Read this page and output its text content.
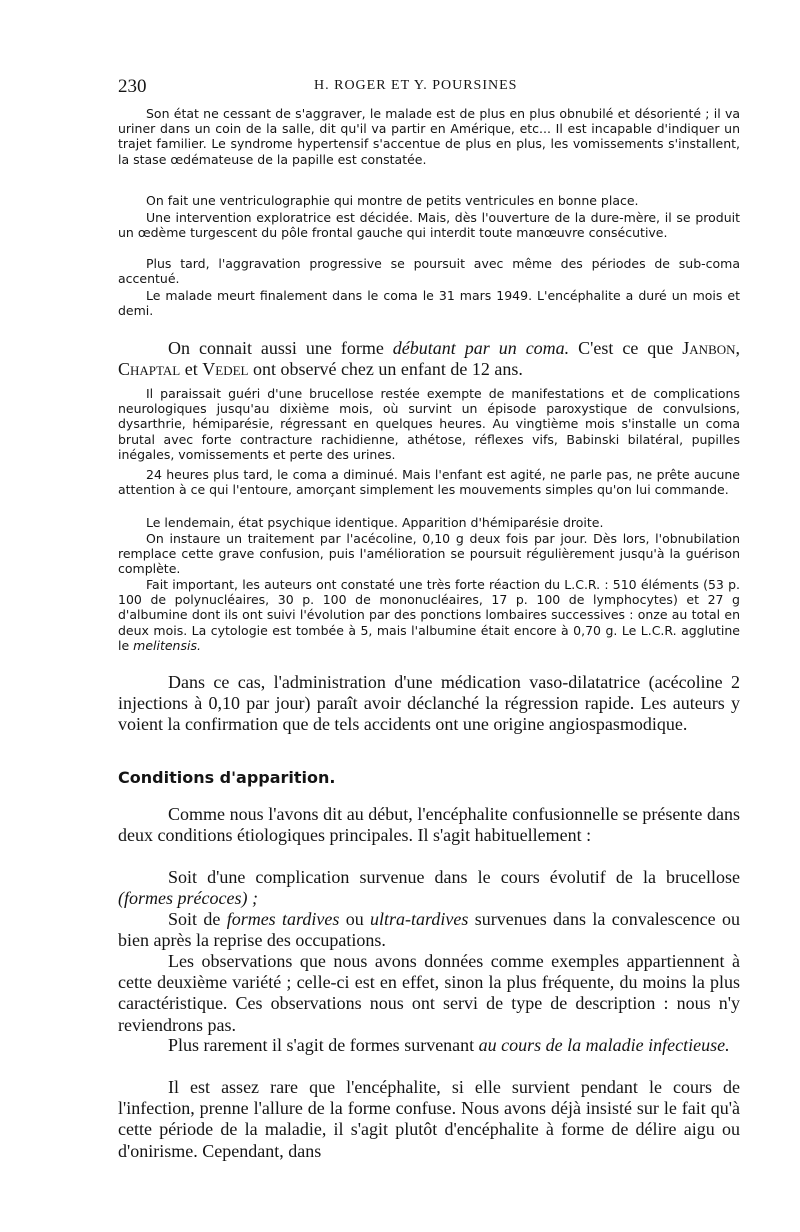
230	H. ROGER ET Y. POURSINES

Son état ne cessant de s'aggraver, le malade est de plus en plus obnubilé et désorienté ; il va uriner dans un coin de la salle, dit qu'il va partir en Amérique, etc... Il est incapable d'indiquer un trajet familier. Le syndrome hypertensif s'accentue de plus en plus, les vomissements s'installent, la stase œdémateuse de la papille est constatée.

On fait une ventriculographie qui montre de petits ventricules en bonne place.

Une intervention exploratrice est décidée. Mais, dès l'ouverture de la dure-mère, il se produit un œdème turgescent du pôle frontal gauche qui interdit toute manœuvre consécutive.

Plus tard, l'aggravation progressive se poursuit avec même des périodes de sub-coma accentué.

Le malade meurt finalement dans le coma le 31 mars 1949. L'encéphalite a duré un mois et demi.

On connait aussi une forme débutant par un coma. C'est ce que Janbon, Chaptal et Vedel ont observé chez un enfant de 12 ans.

Il paraissait guéri d'une brucellose restée exempte de manifestations et de complications neurologiques jusqu'au dixième mois, où survint un épisode paroxystique de convulsions, dysarthrie, hémiparésie, régressant en quelques heures. Au vingtième mois s'installe un coma brutal avec forte contracture rachidienne, athétose, réflexes vifs, Babinski bilatéral, pupilles inégales, vomissements et perte des urines.

24 heures plus tard, le coma a diminué. Mais l'enfant est agité, ne parle pas, ne prête aucune attention à ce qui l'entoure, amorçant simplement les mouvements simples qu'on lui commande.

Le lendemain, état psychique identique. Apparition d'hémiparésie droite.

On instaure un traitement par l'acécoline, 0,10 g deux fois par jour. Dès lors, l'obnubilation remplace cette grave confusion, puis l'amélioration se poursuit régulièrement jusqu'à la guérison complète.

Fait important, les auteurs ont constaté une très forte réaction du L.C.R. : 510 éléments (53 p. 100 de polynucléaires, 30 p. 100 de mononucléaires, 17 p. 100 de lymphocytes) et 27 g d'albumine dont ils ont suivi l'évolution par des ponctions lombaires successives : onze au total en deux mois. La cytologie est tombée à 5, mais l'albumine était encore à 0,70 g. Le L.C.R. agglutine le melitensis.

Dans ce cas, l'administration d'une médication vaso-dilatatrice (acécoline 2 injections à 0,10 par jour) paraît avoir déclanché la régression rapide. Les auteurs y voient la confirmation que de tels accidents ont une origine angiospasmodique.

Conditions d'apparition.

Comme nous l'avons dit au début, l'encéphalite confusionnelle se présente dans deux conditions étiologiques principales. Il s'agit habituellement :

Soit d'une complication survenue dans le cours évolutif de la brucellose (formes précoces) ;

Soit de formes tardives ou ultra-tardives survenues dans la convalescence ou bien après la reprise des occupations.

Les observations que nous avons données comme exemples appartiennent à cette deuxième variété ; celle-ci est en effet, sinon la plus fréquente, du moins la plus caractéristique. Ces observations nous ont servi de type de description : nous n'y reviendrons pas.

Plus rarement il s'agit de formes survenant au cours de la maladie infectieuse.

Il est assez rare que l'encéphalite, si elle survient pendant le cours de l'infection, prenne l'allure de la forme confuse. Nous avons déjà insisté sur le fait qu'à cette période de la maladie, il s'agit plutôt d'encéphalite à forme de délire aigu ou d'onirisme. Cependant, dans
